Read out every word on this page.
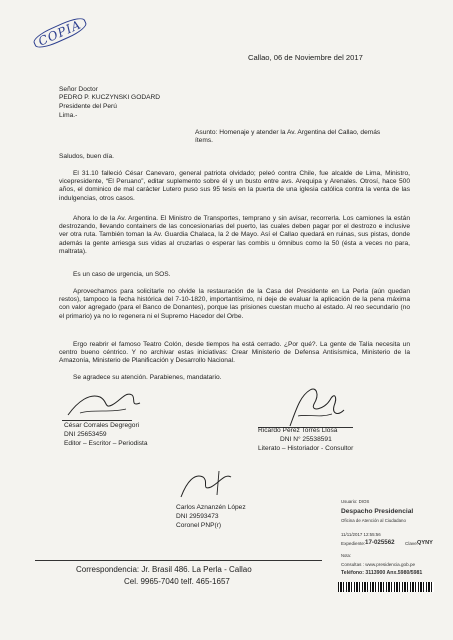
COPIA
Callao, 06 de Noviembre del 2017
Señor Doctor
PEDRO P. KUCZYNSKI GODARD
Presidente del Perú
Lima.-
Asunto: Homenaje y atender la Av. Argentina del Callao, demás
ítems.
Saludos, buen día.
El 31.10 falleció César Canevaro, general patriota olvidado; peleó contra Chile, fue alcalde de Lima, Ministro, vicepresidente, “El Peruano”, editar suplemento sobre él y un busto entre avs. Arequipa y Arenales. Otrosí, hace 500 años, el dominico de mal carácter Lutero puso sus 95 tesis en la puerta de una iglesia católica contra la venta de las indulgencias, otros casos.
Ahora lo de la Av. Argentina. El Ministro de Transportes, temprano y sin avisar, recorrerla. Los camiones la están destrozando, llevando containers de las concesionarias del puerto, las cuales deben pagar por el destrozo e inclusive ver otra ruta. También toman la Av. Guardia Chalaca, la 2 de Mayo. Así el Callao quedará en ruinas, sus pistas, donde además la gente arriesga sus vidas al cruzarlas o esperar las combis u ómnibus como la 50 (ésta a veces no para, maltrata).
Es un caso de urgencia, un SOS.
Aprovechamos para solicitarle no olvide la restauración de la Casa del Presidente en La Perla (aún quedan restos), tampoco la fecha histórica del 7-10-1820, importantísimo, ni deje de evaluar la aplicación de la pena máxima con valor agregado (para el Banco de Donantes), porque las prisiones cuestan mucho al estado. Al reo secundario (no el primario) ya no lo regenera ni el Supremo Hacedor del Orbe.
Ergo reabrir el famoso Teatro Colón, desde tiempos ha está cerrado. ¿Por qué?. La gente de Talía necesita un centro bueno céntrico. Y no archivar estas iniciativas: Crear Ministerio de Defensa Antisísmica, Ministerio de la Amazonía, Ministerio de Planificación y Desarrollo Nacional.
Se agradece su atención. Parabienes, mandatario.
César Corrales Degregori
DNI 25653459
Editor – Escritor – Periodista
Ricardo Pérez Torres Llosa
DNI N° 25538591
Literato – Historiador - Consultor
Carlos Aznanzén López
DNI 29593473
Coronel PNP(r)
Correspondencia: Jr. Brasil 486. La Perla - Callao
Cel. 9965-7040 telf. 465-1657
Usuario: DIOS
Despacho Presidencial
Oficina de Atención al Ciudadano
11/11/2017 12:55:56
Expediente: 17-025562 Clave:
QYNY
Nota:
Consultas : www.presidencia.gob.pe
Teléfono: 3113900 Anx.5980/5981
